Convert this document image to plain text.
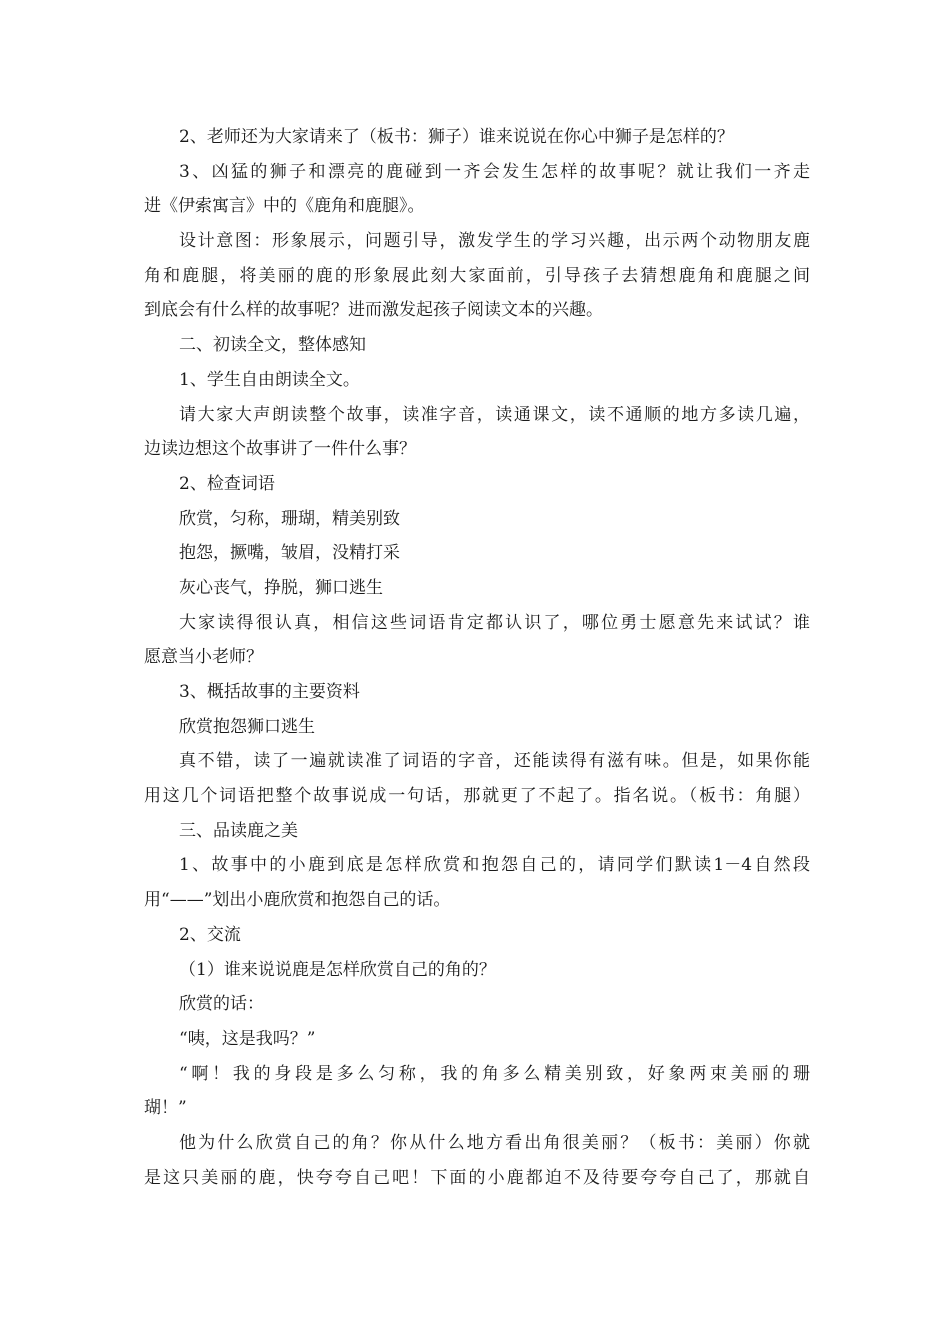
2、老师还为大家请来了（板书：狮子）谁来说说在你心中狮子是怎样的？
3、凶猛的狮子和漂亮的鹿碰到一齐会发生怎样的故事呢？就让我们一齐走
进《伊索寓言》中的《鹿角和鹿腿》。
设计意图：形象展示，问题引导，激发学生的学习兴趣，出示两个动物朋友鹿
角和鹿腿，将美丽的鹿的形象展此刻大家面前，引导孩子去猜想鹿角和鹿腿之间
到底会有什么样的故事呢？进而激发起孩子阅读文本的兴趣。
二、初读全文，整体感知
1、学生自由朗读全文。
请大家大声朗读整个故事，读准字音，读通课文，读不通顺的地方多读几遍，
边读边想这个故事讲了一件什么事？
2、检查词语
欣赏，匀称，珊瑚，精美别致
抱怨，撅嘴，皱眉，没精打采
灰心丧气，挣脱，狮口逃生
大家读得很认真，相信这些词语肯定都认识了，哪位勇士愿意先来试试？谁
愿意当小老师？
3、概括故事的主要资料
欣赏抱怨狮口逃生
真不错，读了一遍就读准了词语的字音，还能读得有滋有味。但是，如果你能
用这几个词语把整个故事说成一句话，那就更了不起了。指名说。（板书：角腿）
三、品读鹿之美
1、故事中的小鹿到底是怎样欣赏和抱怨自己的，请同学们默读1－4自然段
用“——”划出小鹿欣赏和抱怨自己的话。
2、交流
（1）谁来说说鹿是怎样欣赏自己的角的？
欣赏的话：
“咦，这是我吗？”
“啊！我的身段是多么匀称，我的角多么精美别致，好象两束美丽的珊
瑚！”
他为什么欣赏自己的角？你从什么地方看出角很美丽？（板书：美丽）你就
是这只美丽的鹿，快夸夸自己吧！下面的小鹿都迫不及待要夸夸自己了，那就自
